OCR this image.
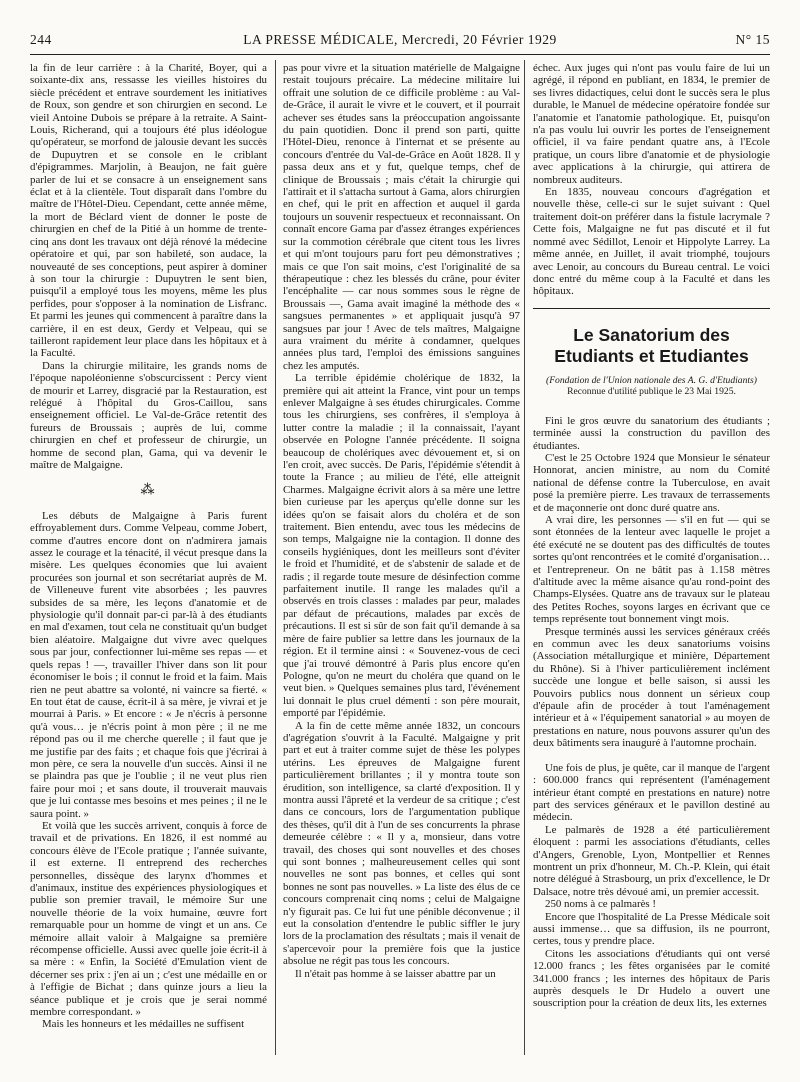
244	LA PRESSE MÉDICALE, Mercredi, 20 Février 1929	N° 15

la fin de leur carrière : à la Charité, Boyer, qui a soixante-dix ans, ressasse les vieilles histoires du siècle précédent et entrave sourdement les initiatives de Roux, son gendre et son chirurgien en second. Le vieil Antoine Dubois se prépare à la retraite. A Saint-Louis, Richerand, qui a toujours été plus idéologue qu'opérateur, se morfond de jalousie devant les succès de Dupuytren et se console en le criblant d'épigrammes. Marjolin, à Beaujon, ne fait guère parler de lui et se consacre à un enseignement sans éclat et à la clientèle. Tout disparaît dans l'ombre du maître de l'Hôtel-Dieu. Cependant, cette année même, la mort de Béclard vient de donner le poste de chirurgien en chef de la Pitié à un homme de trente-cinq ans dont les travaux ont déjà rénové la médecine opératoire et qui, par son habileté, son audace, la nouveauté de ses conceptions, peut aspirer à dominer à son tour la chirurgie : Dupuytren le sent bien, puisqu'il a employé tous les moyens, même les plus perfides, pour s'opposer à la nomination de Lisfranc. Et parmi les jeunes qui commencent à paraître dans la carrière, il en est deux, Gerdy et Velpeau, qui se tailleront rapidement leur place dans les hôpitaux et à la Faculté.

Dans la chirurgie militaire, les grands noms de l'époque napoléonienne s'obscurcissent : Percy vient de mourir et Larrey, disgracié par la Restauration, est relégué à l'hôpital du Gros-Caillou, sans enseignement officiel. Le Val-de-Grâce retentit des fureurs de Broussais ; auprès de lui, comme chirurgien en chef et professeur de chirurgie, un homme de second plan, Gama, qui va devenir le maître de Malgaigne.

⁂

Les débuts de Malgaigne à Paris furent effroyablement durs. Comme Velpeau, comme Jobert, comme d'autres encore dont on n'admirera jamais assez le courage et la ténacité, il vécut presque dans la misère. Les quelques économies que lui avaient procurées son journal et son secrétariat auprès de M. de Villeneuve furent vite absorbées ; les pauvres subsides de sa mère, les leçons d'anatomie et de physiologie qu'il donnait par-ci par-là à des étudiants en mal d'examen, tout cela ne constituait qu'un budget bien aléatoire. Malgaigne dut vivre avec quelques sous par jour, confectionner lui-même ses repas — et quels repas ! —, travailler l'hiver dans son lit pour économiser le bois ; il connut le froid et la faim. Mais rien ne peut abattre sa volonté, ni vaincre sa fierté. « En tout état de cause, écrit-il à sa mère, je vivrai et je mourrai à Paris. » Et encore : « Je n'écris à personne qu'à vous… je n'écris point à mon père ; il ne me répond pas ou il me cherche querelle ; il faut que je me justifie par des faits ; et chaque fois que j'écrirai à mon père, ce sera la nouvelle d'un succès. Ainsi il ne se plaindra pas que je l'oublie ; il ne veut plus rien faire pour moi ; et sans doute, il trouverait mauvais que je lui contasse mes besoins et mes peines ; il ne le saura point. »

Et voilà que les succès arrivent, conquis à force de travail et de privations. En 1826, il est nommé au concours élève de l'Ecole pratique ; l'année suivante, il est externe. Il entreprend des recherches personnelles, dissèque des larynx d'hommes et d'animaux, institue des expériences physiologiques et publie son premier travail, le mémoire Sur une nouvelle théorie de la voix humaine, œuvre fort remarquable pour un homme de vingt et un ans. Ce mémoire allait valoir à Malgaigne sa première récompense officielle. Aussi avec quelle joie écrit-il à sa mère : « Enfin, la Société d'Emulation vient de décerner ses prix : j'en ai un ; c'est une médaille en or à l'effigie de Bichat ; dans quinze jours a lieu la séance publique et je crois que je serai nommé membre correspondant. »

Mais les honneurs et les médailles ne suffisent

pas pour vivre et la situation matérielle de Malgaigne restait toujours précaire. La médecine militaire lui offrait une solution de ce difficile problème : au Val-de-Grâce, il aurait le vivre et le couvert, et il pourrait achever ses études sans la préoccupation angoissante du pain quotidien. Donc il prend son parti, quitte l'Hôtel-Dieu, renonce à l'internat et se présente au concours d'entrée du Val-de-Grâce en Août 1828. Il y passa deux ans et y fut, quelque temps, chef de clinique de Broussais ; mais c'était la chirurgie qui l'attirait et il s'attacha surtout à Gama, alors chirurgien en chef, qui le prit en affection et auquel il garda toujours un souvenir respectueux et reconnaissant. On connaît encore Gama par d'assez étranges expériences sur la commotion cérébrale que citent tous les livres et qui m'ont toujours paru fort peu démonstratives ; mais ce que l'on sait moins, c'est l'originalité de sa thérapeutique : chez les blessés du crâne, pour éviter l'encéphalite — car nous sommes sous le règne de Broussais —, Gama avait imaginé la méthode des « sangsues permanentes » et appliquait jusqu'à 97 sangsues par jour ! Avec de tels maîtres, Malgaigne aura vraiment du mérite à condamner, quelques années plus tard, l'emploi des émissions sanguines chez les amputés.

La terrible épidémie cholérique de 1832, la première qui ait atteint la France, vint pour un temps enlever Malgaigne à ses études chirurgicales. Comme tous les chirurgiens, ses confrères, il s'employa à lutter contre la maladie ; il la connaissait, l'ayant observée en Pologne l'année précédente. Il soigna beaucoup de cholériques avec dévouement et, si on l'en croit, avec succès. De Paris, l'épidémie s'étendit à toute la France ; au milieu de l'été, elle atteignit Charmes. Malgaigne écrivit alors à sa mère une lettre bien curieuse par les aperçus qu'elle donne sur les idées qu'on se faisait alors du choléra et de son traitement. Bien entendu, avec tous les médecins de son temps, Malgaigne nie la contagion. Il donne des conseils hygiéniques, dont les meilleurs sont d'éviter le froid et l'humidité, et de s'abstenir de salade et de radis ; il regarde toute mesure de désinfection comme parfaitement inutile. Il range les malades qu'il a observés en trois classes : malades par peur, malades par défaut de précautions, malades par excès de précautions. Il est si sûr de son fait qu'il demande à sa mère de faire publier sa lettre dans les journaux de la région. Et il termine ainsi : « Souvenez-vous de ceci que j'ai trouvé démontré à Paris plus encore qu'en Pologne, qu'on ne meurt du choléra que quand on le veut bien. » Quelques semaines plus tard, l'événement lui donnait le plus cruel démenti : son père mourait, emporté par l'épidémie.

A la fin de cette même année 1832, un concours d'agrégation s'ouvrit à la Faculté. Malgaigne y prit part et eut à traiter comme sujet de thèse les polypes utérins. Les épreuves de Malgaigne furent particulièrement brillantes ; il y montra toute son érudition, son intelligence, sa clarté d'exposition. Il y montra aussi l'âpreté et la verdeur de sa critique ; c'est dans ce concours, lors de l'argumentation publique des thèses, qu'il dit à l'un de ses concurrents la phrase demeurée célèbre : « Il y a, monsieur, dans votre travail, des choses qui sont nouvelles et des choses qui sont bonnes ; malheureusement celles qui sont nouvelles ne sont pas bonnes, et celles qui sont bonnes ne sont pas nouvelles. » La liste des élus de ce concours comprenait cinq noms ; celui de Malgaigne n'y figurait pas. Ce lui fut une pénible déconvenue ; il eut la consolation d'entendre le public siffler le jury lors de la proclamation des résultats ; mais il venait de s'apercevoir pour la première fois que la justice absolue ne régit pas tous les concours.

Il n'était pas homme à se laisser abattre par un

échec. Aux juges qui n'ont pas voulu faire de lui un agrégé, il répond en publiant, en 1834, le premier de ses livres didactiques, celui dont le succès sera le plus durable, le Manuel de médecine opératoire fondée sur l'anatomie et l'anatomie pathologique. Et, puisqu'on n'a pas voulu lui ouvrir les portes de l'enseignement officiel, il va faire pendant quatre ans, à l'Ecole pratique, un cours libre d'anatomie et de physiologie avec applications à la chirurgie, qui attirera de nombreux auditeurs.

En 1835, nouveau concours d'agrégation et nouvelle thèse, celle-ci sur le sujet suivant : Quel traitement doit-on préférer dans la fistule lacrymale ? Cette fois, Malgaigne ne fut pas discuté et il fut nommé avec Sédillot, Lenoir et Hippolyte Larrey. La même année, en Juillet, il avait triomphé, toujours avec Lenoir, au concours du Bureau central. Le voici donc entré du même coup à la Faculté et dans les hôpitaux.

Le Sanatorium des Etudiants et Etudiantes
(Fondation de l'Union nationale des A. G. d'Etudiants)
Reconnue d'utilité publique le 23 Mai 1925.

Fini le gros œuvre du sanatorium des étudiants ; terminée aussi la construction du pavillon des étudiantes.

C'est le 25 Octobre 1924 que Monsieur le sénateur Honnorat, ancien ministre, au nom du Comité national de défense contre la Tuberculose, en avait posé la première pierre. Les travaux de terrassements et de maçonnerie ont donc duré quatre ans.

A vrai dire, les personnes — s'il en fut — qui se sont étonnées de la lenteur avec laquelle le projet a été exécuté ne se doutent pas des difficultés de toutes sortes qu'ont rencontrées et le comité d'organisation… et l'entrepreneur. On ne bâtit pas à 1.158 mètres d'altitude avec la même aisance qu'au rond-point des Champs-Elysées. Quatre ans de travaux sur le plateau des Petites Roches, soyons larges en écrivant que ce temps représente tout bonnement vingt mois.

Presque terminés aussi les services généraux créés en commun avec les deux sanatoriums voisins (Association métallurgique et minière, Département du Rhône). Si à l'hiver particulièrement inclément succède une longue et belle saison, si aussi les Pouvoirs publics nous donnent un sérieux coup d'épaule afin de procéder à tout l'aménagement intérieur et à « l'équipement sanatorial » au moyen de prestations en nature, nous pouvons assurer qu'un des deux bâtiments sera inauguré à l'automne prochain.

Une fois de plus, je quête, car il manque de l'argent : 600.000 francs qui représentent (l'aménagement intérieur étant compté en prestations en nature) notre part des services généraux et le pavillon destiné au médecin.

Le palmarès de 1928 a été particulièrement éloquent : parmi les associations d'étudiants, celles d'Angers, Grenoble, Lyon, Montpellier et Rennes montrent un prix d'honneur, M. Ch.-P. Klein, qui était notre délégué à Strasbourg, un prix d'excellence, le Dr Dalsace, notre très dévoué ami, un premier accessit.

250 noms à ce palmarès !

Encore que l'hospitalité de La Presse Médicale soit aussi immense… que sa diffusion, ils ne pourront, certes, tous y prendre place.

Citons les associations d'étudiants qui ont versé 12.000 francs ; les fêtes organisées par le comité 341.000 francs ; les internes des hôpitaux de Paris auprès desquels le Dr Hudelo a ouvert une souscription pour la création de deux lits, les externes
